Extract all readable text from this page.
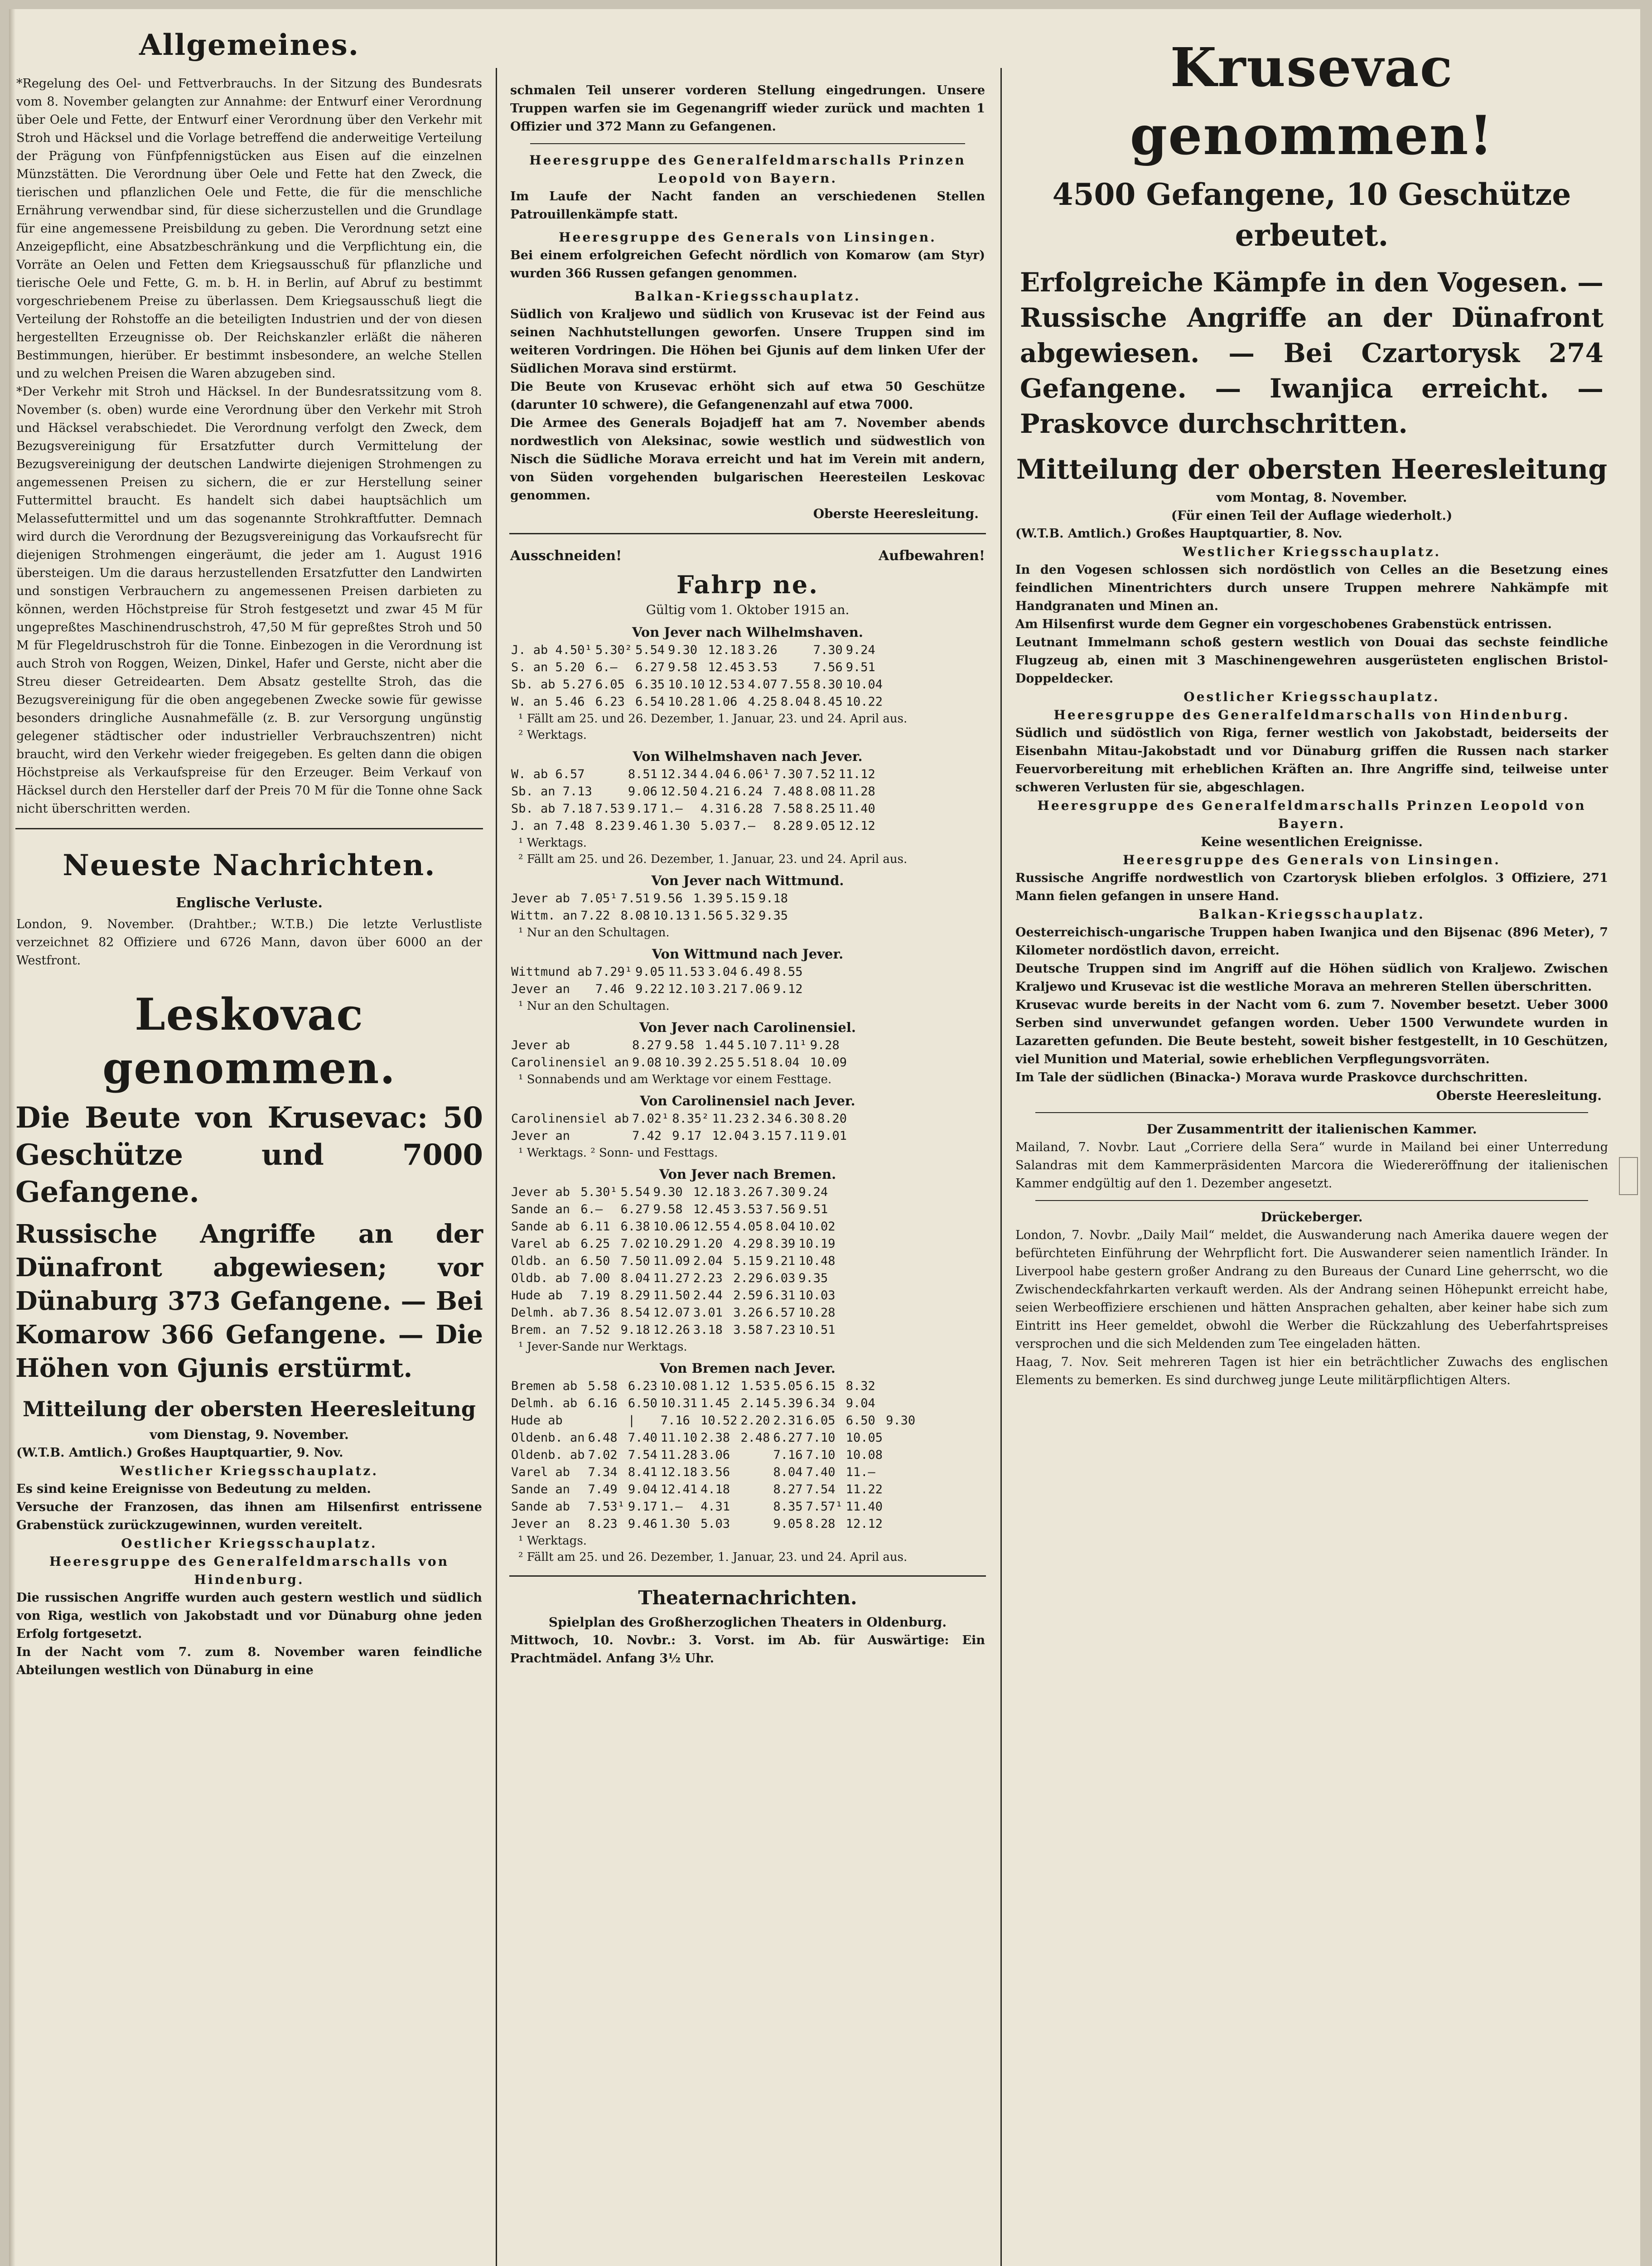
Allgemeines.

*Regelung des Oel- und Fettverbrauchs. In der Sitzung des Bundesrats vom 8. November gelangten zur Annahme: der Entwurf einer Verordnung über Oele und Fette, der Entwurf einer Verordnung über den Verkehr mit Stroh und Häcksel und die Vorlage betreffend die anderweitige Verteilung der Prägung von Fünfpfennigstücken aus Eisen auf die einzelnen Münzstätten. Die Verordnung über Oele und Fette hat den Zweck, die tierischen und pflanzlichen Oele und Fette, die für die menschliche Ernährung verwendbar sind, für diese sicherzustellen und die Grundlage für eine angemessene Preisbildung zu geben. Die Verordnung setzt eine Anzeigepflicht, eine Absatzbeschränkung und die Verpflichtung ein, die Vorräte an Oelen und Fetten dem Kriegsausschuß für pflanzliche und tierische Oele und Fette, G. m. b. H. in Berlin, auf Abruf zu bestimmt vorgeschriebenem Preise zu überlassen. Dem Kriegsausschuß liegt die Verteilung der Rohstoffe an die beteiligten Industrien und der von diesen hergestellten Erzeugnisse ob. Der Reichskanzler erläßt die näheren Bestimmungen, hierüber. Er bestimmt insbesondere, an welche Stellen und zu welchen Preisen die Waren abzugeben sind.

*Der Verkehr mit Stroh und Häcksel. In der Bundesratssitzung vom 8. November (s. oben) wurde eine Verordnung über den Verkehr mit Stroh und Häcksel verabschiedet. Die Verordnung verfolgt den Zweck, dem Bezugsvereinigung für Ersatzfutter durch Vermittelung der Bezugsvereinigung der deutschen Landwirte diejenigen Strohmengen zu angemessenen Preisen zu sichern, die er zur Herstellung seiner Futtermittel braucht. Es handelt sich dabei hauptsächlich um Melassefuttermittel und um das sogenannte Strohkraftfutter. Demnach wird durch die Verordnung der Bezugsvereinigung das Vorkaufsrecht für diejenigen Strohmengen eingeräumt, die jeder am 1. August 1916 übersteigen. Um die daraus herzustellenden Ersatzfutter den Landwirten und sonstigen Verbrauchern zu angemessenen Preisen darbieten zu können, werden Höchstpreise für Stroh festgesetzt und zwar 45 M für ungepreßtes Maschinendruschstroh, 47,50 M für gepreßtes Stroh und 50 M für Flegeldruschstroh für die Tonne. Einbezogen in die Verordnung ist auch Stroh von Roggen, Weizen, Dinkel, Hafer und Gerste, nicht aber die Streu dieser Getreidearten. Dem Absatz gestellte Stroh, das die Bezugsvereinigung für die oben angegebenen Zwecke sowie für gewisse besonders dringliche Ausnahmefälle (z. B. zur Versorgung ungünstig gelegener städtischer oder industrieller Verbrauchszentren) nicht braucht, wird den Verkehr wieder freigegeben. Es gelten dann die obigen Höchstpreise als Verkaufspreise für den Erzeuger. Beim Verkauf von Häcksel durch den Hersteller darf der Preis 70 M für die Tonne ohne Sack nicht überschritten werden.

Neueste Nachrichten.
Englische Verluste.

London, 9. November. (Drahtber.; W.T.B.) Die letzte Verlustliste verzeichnet 82 Offiziere und 6726 Mann, davon über 6000 an der Westfront.

Leskovac genommen.

Die Beute von Krusevac: 50 Geschütze und 7000 Gefangene.

Russische Angriffe an der Dünafront abgewiesen; vor Dünaburg 373 Gefangene. — Bei Komarow 366 Gefangene. — Die Höhen von Gjunis erstürmt.

Mitteilung der obersten Heeresleitung
vom Dienstag, 9. November.

(W.T.B. Amtlich.) Großes Hauptquartier, 9. Nov.

Westlicher Kriegsschauplatz.

Es sind keine Ereignisse von Bedeutung zu melden.

Versuche der Franzosen, das ihnen am Hilsenfirst entrissene Grabenstück zurückzugewinnen, wurden vereitelt.

Oestlicher Kriegsschauplatz.
Heeresgruppe des Generalfeldmarschalls von Hindenburg.

Die russischen Angriffe wurden auch gestern westlich und südlich von Riga, westlich von Jakobstadt und vor Dünaburg ohne jeden Erfolg fortgesetzt.

In der Nacht vom 7. zum 8. November waren feindliche Abteilungen westlich von Dünaburg in eine

schmalen Teil unserer vorderen Stellung eingedrungen. Unsere Truppen warfen sie im Gegenangriff wieder zurück und machten 1 Offizier und 372 Mann zu Gefangenen.

Heeresgruppe des Generalfeldmarschalls Prinzen Leopold von Bayern.

Im Laufe der Nacht fanden an verschiedenen Stellen Patrouillenkämpfe statt.

Heeresgruppe des Generals von Linsingen.

Bei einem erfolgreichen Gefecht nördlich von Komarow (am Styr) wurden 366 Russen gefangen genommen.

Balkan-Kriegsschauplatz.

Südlich von Kraljewo und südlich von Krusevac ist der Feind aus seinen Nachhutstellungen geworfen. Unsere Truppen sind im weiteren Vordringen. Die Höhen bei Gjunis auf dem linken Ufer der Südlichen Morava sind erstürmt.

Die Beute von Krusevac erhöht sich auf etwa 50 Geschütze (darunter 10 schwere), die Gefangenenzahl auf etwa 7000.

Die Armee des Generals Bojadjeff hat am 7. November abends nordwestlich von Aleksinac, sowie westlich und südwestlich von Nisch die Südliche Morava erreicht und hat im Verein mit andern, von Süden vorgehenden bulgarischen Heeresteilen Leskovac genommen.

Oberste Heeresleitung.
Ausschneiden!	Aufbewahren!
Fahrp ne.
Gültig vom 1. Oktober 1915 an.
Von Jever nach Wilhelmshaven.
J. ab 4.50¹	5.30²	5.54	9.30	12.18	3.26		7.30	9.24
S. an 5.20	6.—	6.27	9.58	12.45	3.53		7.56	9.51
Sb. ab 5.27	6.05	6.35	10.10	12.53	4.07	7.55	8.30	10.04
W. an 5.46	6.23	6.54	10.28	1.06	4.25	8.04	8.45	10.22
¹ Fällt am 25. und 26. Dezember, 1. Januar, 23. und 24. April aus.
² Werktags.
Von Wilhelmshaven nach Jever.
W. ab 6.57		8.51	12.34	4.04	6.06¹	7.30	7.52	11.12
Sb. an 7.13		9.06	12.50	4.21	6.24	7.48	8.08	11.28
Sb. ab 7.18	7.53	9.17	1.—	4.31	6.28	7.58	8.25	11.40
J. an 7.48	8.23	9.46	1.30	5.03	7.—	8.28	9.05	12.12
¹ Werktags.
² Fällt am 25. und 26. Dezember, 1. Januar, 23. und 24. April aus.
Von Jever nach Wittmund.
Jever ab	7.05¹	7.51	9.56	1.39	5.15	9.18
Wittm. an	7.22	8.08	10.13	1.56	5.32	9.35
¹ Nur an den Schultagen.
Von Wittmund nach Jever.
Wittmund ab	7.29¹	9.05	11.53	3.04	6.49	8.55
Jever an	7.46	9.22	12.10	3.21	7.06	9.12
¹ Nur an den Schultagen.
Von Jever nach Carolinensiel.
Jever ab	8.27	9.58	1.44	5.10	7.11¹	9.28
Carolinensiel an	9.08	10.39	2.25	5.51	8.04	10.09
¹ Sonnabends und am Werktage vor einem Festtage.
Von Carolinensiel nach Jever.
Carolinensiel ab	7.02¹	8.35²	11.23	2.34	6.30	8.20
Jever an	7.42	9.17	12.04	3.15	7.11	9.01
¹ Werktags. ² Sonn- und Festtags.
Von Jever nach Bremen.
Jever ab	5.30¹	5.54	9.30	12.18	3.26	7.30	9.24
Sande an	6.—	6.27	9.58	12.45	3.53	7.56	9.51
Sande ab	6.11	6.38	10.06	12.55	4.05	8.04	10.02
Varel ab	6.25	7.02	10.29	1.20	4.29	8.39	10.19
Oldb. an	6.50	7.50	11.09	2.04	5.15	9.21	10.48
Oldb. ab	7.00	8.04	11.27	2.23	2.29	6.03	9.35
Hude ab	7.19	8.29	11.50	2.44	2.59	6.31	10.03
Delmh. ab	7.36	8.54	12.07	3.01	3.26	6.57	10.28
Brem. an	7.52	9.18	12.26	3.18	3.58	7.23	10.51
¹ Jever-Sande nur Werktags.
Von Bremen nach Jever.
Bremen ab	5.58	6.23	10.08	1.12	1.53	5.05	6.15	8.32	
Delmh. ab	6.16	6.50	10.31	1.45	2.14	5.39	6.34	9.04	
Hude ab		|	7.16	10.52	2.20	2.31	6.05	6.50	9.30
Oldenb. an	6.48	7.40	11.10	2.38	2.48	6.27	7.10	10.05	
Oldenb. ab	7.02	7.54	11.28	3.06		7.16	7.10	10.08	
Varel ab	7.34	8.41	12.18	3.56		8.04	7.40	11.—	
Sande an	7.49	9.04	12.41	4.18		8.27	7.54	11.22	
Sande ab	7.53¹	9.17	1.—	4.31		8.35	7.57¹	11.40	
Jever an	8.23	9.46	1.30	5.03		9.05	8.28	12.12	
¹ Werktags.
² Fällt am 25. und 26. Dezember, 1. Januar, 23. und 24. April aus.
Theaternachrichten.
Spielplan des Großherzoglichen Theaters in Oldenburg.

Mittwoch, 10. Novbr.: 3. Vorst. im Ab. für Auswärtige: Ein Prachtmädel. Anfang 3½ Uhr.

Krusevac genommen!
4500 Gefangene, 10 Geschütze erbeutet.

Erfolgreiche Kämpfe in den Vogesen. — Russische Angriffe an der Dünafront abgewiesen. — Bei Czartorysk 274 Gefangene. — Iwanjica erreicht. — Praskovce durchschritten.

Mitteilung der obersten Heeresleitung
vom Montag, 8. November.
(Für einen Teil der Auflage wiederholt.)

(W.T.B. Amtlich.) Großes Hauptquartier, 8. Nov.

Westlicher Kriegsschauplatz.

In den Vogesen schlossen sich nordöstlich von Celles an die Besetzung eines feindlichen Minentrichters durch unsere Truppen mehrere Nahkämpfe mit Handgranaten und Minen an.

Am Hilsenfirst wurde dem Gegner ein vorgeschobenes Grabenstück entrissen.

Leutnant Immelmann schoß gestern westlich von Douai das sechste feindliche Flugzeug ab, einen mit 3 Maschinengewehren ausgerüsteten englischen Bristol-Doppeldecker.

Oestlicher Kriegsschauplatz.
Heeresgruppe des Generalfeldmarschalls von Hindenburg.

Südlich und südöstlich von Riga, ferner westlich von Jakobstadt, beiderseits der Eisenbahn Mitau-Jakobstadt und vor Dünaburg griffen die Russen nach starker Feuervorbereitung mit erheblichen Kräften an. Ihre Angriffe sind, teilweise unter schweren Verlusten für sie, abgeschlagen.

Heeresgruppe des Generalfeldmarschalls Prinzen Leopold von Bayern.
Keine wesentlichen Ereignisse.
Heeresgruppe des Generals von Linsingen.

Russische Angriffe nordwestlich von Czartorysk blieben erfolglos. 3 Offiziere, 271 Mann fielen gefangen in unsere Hand.

Balkan-Kriegsschauplatz.

Oesterreichisch-ungarische Truppen haben Iwanjica und den Bijsenac (896 Meter), 7 Kilometer nordöstlich davon, erreicht.

Deutsche Truppen sind im Angriff auf die Höhen südlich von Kraljewo. Zwischen Kraljewo und Krusevac ist die westliche Morava an mehreren Stellen überschritten.

Krusevac wurde bereits in der Nacht vom 6. zum 7. November besetzt. Ueber 3000 Serben sind unverwundet gefangen worden. Ueber 1500 Verwundete wurden in Lazaretten gefunden. Die Beute besteht, soweit bisher festgestellt, in 10 Geschützen, viel Munition und Material, sowie erheblichen Verpflegungsvorräten.

Im Tale der südlichen (Binacka-) Morava wurde Praskovce durchschritten.

Oberste Heeresleitung.
Der Zusammentritt der italienischen Kammer.

Mailand, 7. Novbr. Laut „Corriere della Sera“ wurde in Mailand bei einer Unterredung Salandras mit dem Kammerpräsidenten Marcora die Wiedereröffnung der italienischen Kammer endgültig auf den 1. Dezember angesetzt.

Drückeberger.

London, 7. Novbr. „Daily Mail“ meldet, die Auswanderung nach Amerika dauere wegen der befürchteten Einführung der Wehrpflicht fort. Die Auswanderer seien namentlich Iränder. In Liverpool habe gestern großer Andrang zu den Bureaus der Cunard Line geherrscht, wo die Zwischendeckfahrkarten verkauft werden. Als der Andrang seinen Höhepunkt erreicht habe, seien Werbeoffiziere erschienen und hätten Ansprachen gehalten, aber keiner habe sich zum Eintritt ins Heer gemeldet, obwohl die Werber die Rückzahlung des Ueberfahrtspreises versprochen und die sich Meldenden zum Tee eingeladen hätten.

Haag, 7. Nov. Seit mehreren Tagen ist hier ein beträchtlicher Zuwachs des englischen Elements zu bemerken. Es sind durchweg junge Leute militärpflichtigen Alters.
